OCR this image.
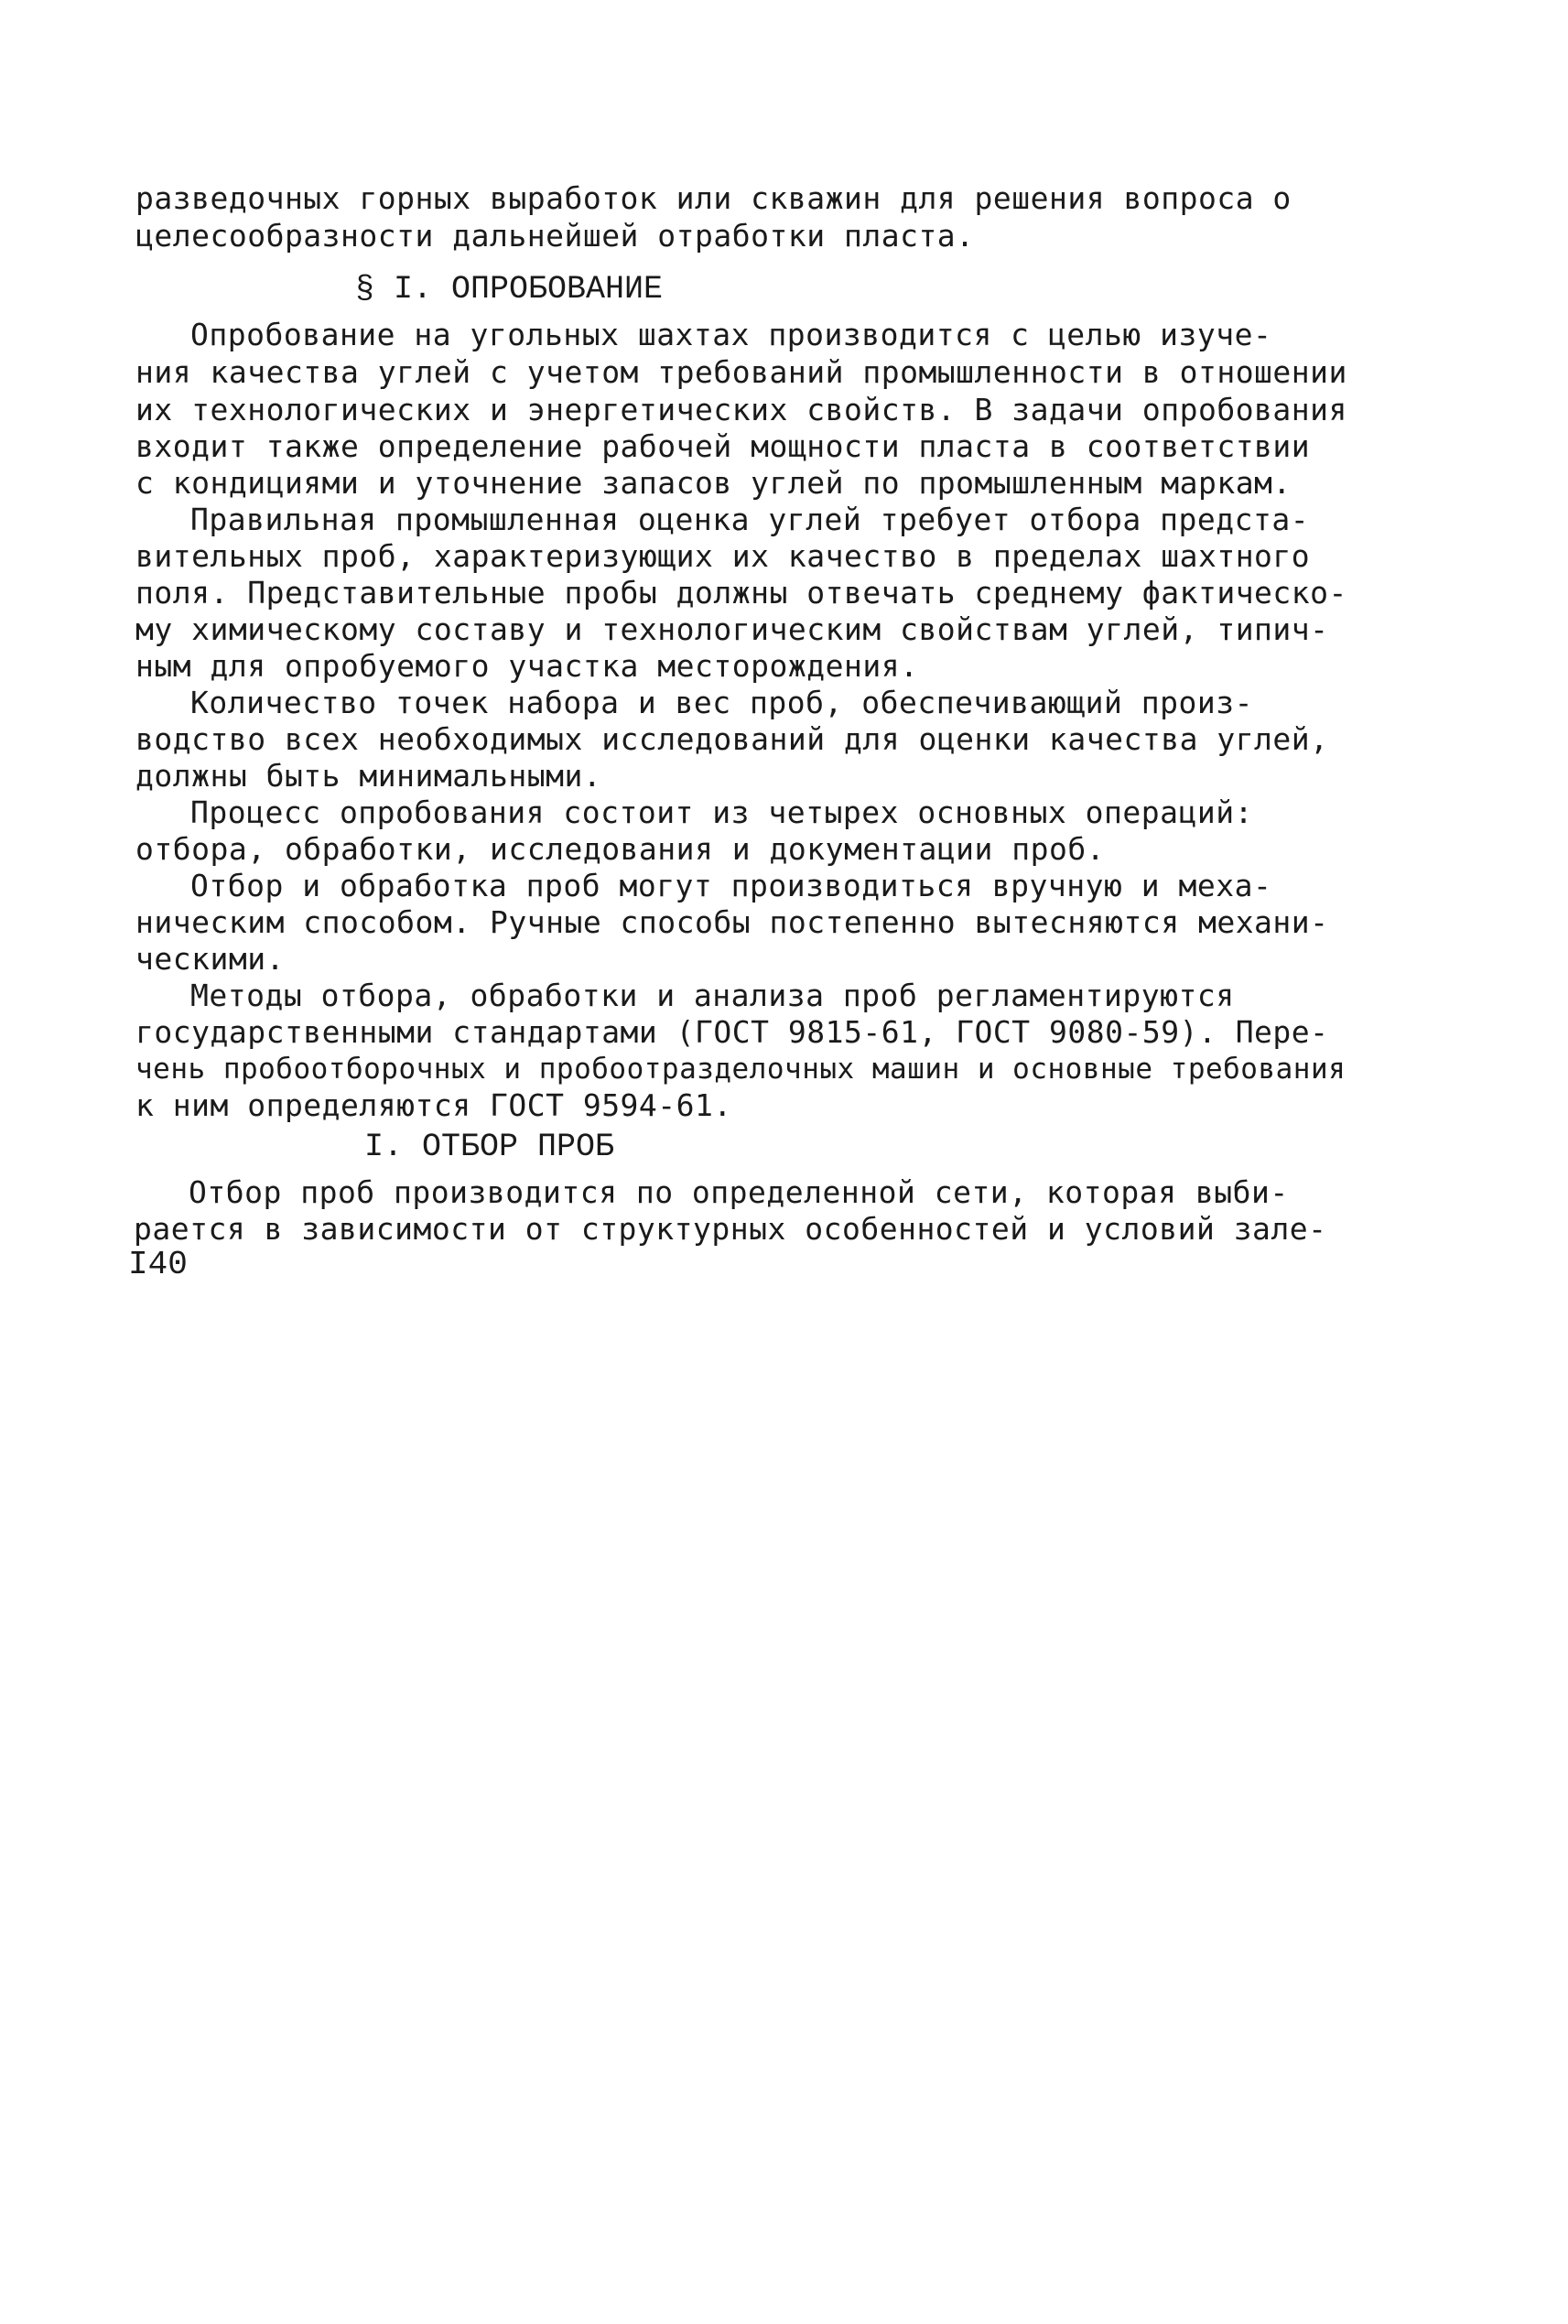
разведочных горных выработок или скважин для решения вопроса о
целесообразности дальнейшей отработки пласта.
§ I. ОПРОБОВАНИЕ
Опробование на угольных шахтах производится с целью изуче-
ния качества углей с учетом требований промышленности в отношении
их технологических и энергетических свойств. В задачи опробования
входит также определение рабочей мощности пласта в соответствии
с кондициями и уточнение запасов углей по промышленным маркам.
Правильная промышленная оценка углей требует отбора предста-
вительных проб, характеризующих их качество в пределах шахтного
поля. Представительные пробы должны отвечать среднему фактическо-
му химическому составу и технологическим свойствам углей, типич-
ным для опробуемого участка месторождения.
Количество точек набора и вес проб, обеспечивающий произ-
водство всех необходимых исследований для оценки качества углей,
должны быть минимальными.
Процесс опробования состоит из четырех основных операций:
отбора, обработки, исследования и документации проб.
Отбор и обработка проб могут производиться вручную и меха-
ническим способом. Ручные способы постепенно вытесняются механи-
ческими.
Методы отбора, обработки и анализа проб регламентируются
государственными стандартами (ГОСТ 9815-61, ГОСТ 9080-59). Пере-
чень пробоотборочных и пробоотразделочных машин и основные требования
к ним определяются ГОСТ 9594-61.
I. ОТБОР ПРОБ
Отбор проб производится по определенной сети, которая выби-
рается в зависимости от структурных особенностей и условий зале-
I40
